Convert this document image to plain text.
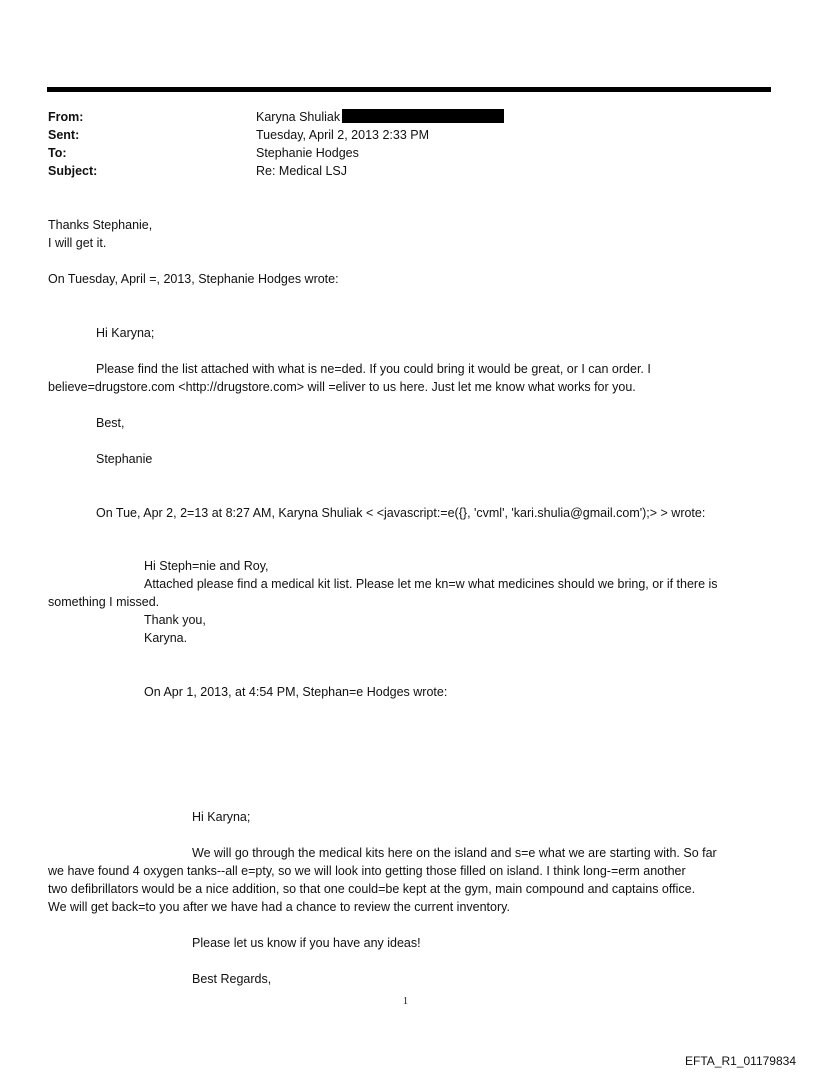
From:	Karyna Shuliak
Sent:	Tuesday, April 2, 2013 2:33 PM
To:	Stephanie Hodges
Subject:	Re: Medical LSJ
Thanks Stephanie,
I will get it.
On Tuesday, April =, 2013, Stephanie Hodges wrote:
Hi Karyna;
Please find the list attached with what is ne=ded. If you could bring it would be great, or I can order. I
believe=drugstore.com <http://drugstore.com> will =eliver to us here. Just let me know what works for you.
Best,
Stephanie
On Tue, Apr 2, 2=13 at 8:27 AM, Karyna Shuliak < <javascript:=e({}, 'cvml', 'kari.shulia@gmail.com');> > wrote:
Hi Steph=nie and Roy,
Attached please find a medical kit list. Please let me kn=w what medicines should we bring, or if there is
something I missed.
Thank you,
Karyna.
On Apr 1, 2013, at 4:54 PM, Stephan=e Hodges wrote:
Hi Karyna;
We will go through the medical kits here on the island and s=e what we are starting with. So far
we have found 4 oxygen tanks--all e=pty, so we will look into getting those filled on island. I think long-=erm another
two defibrillators would be a nice addition, so that one could=be kept at the gym, main compound and captains office.
We will get back=to you after we have had a chance to review the current inventory.
Please let us know if you have any ideas!
Best Regards,
1
EFTA_R1_01179834
